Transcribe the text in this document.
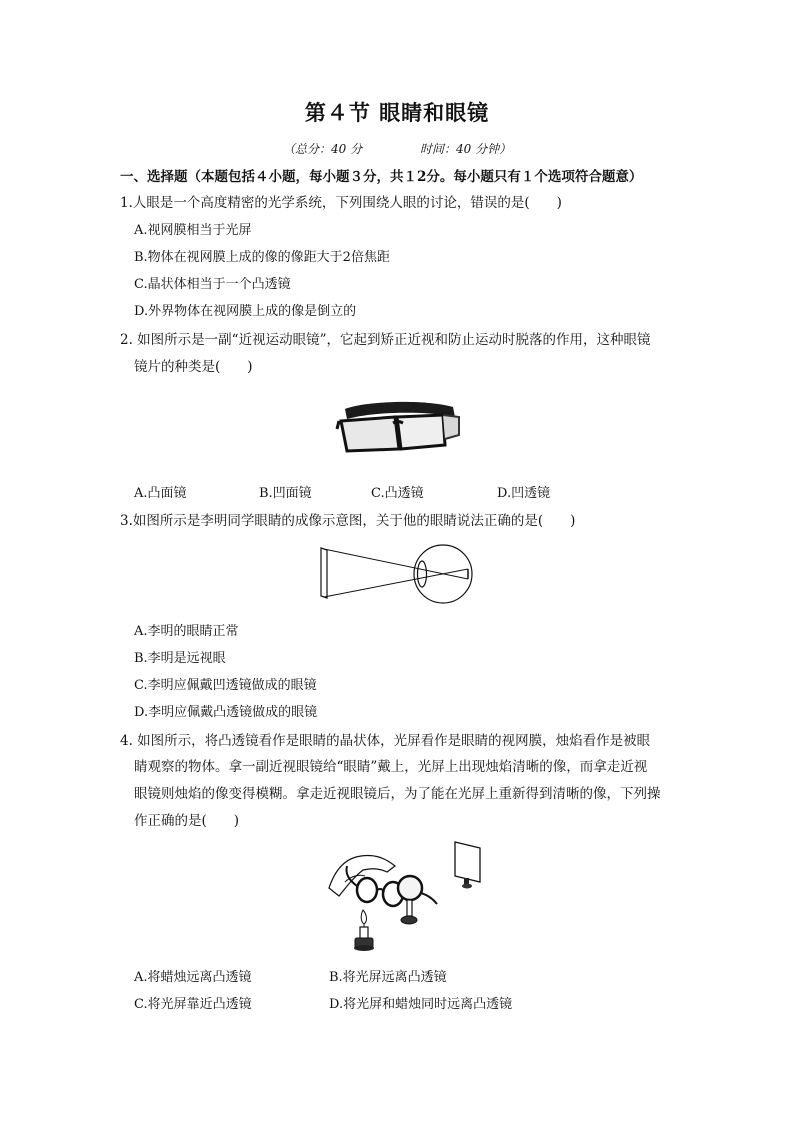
第４节 眼睛和眼镜
（总分：40 分	时间：40 分钟）
一、选择题（本题包括４小题，每小题３分，共１2分。每小题只有１个选项符合题意）
1.人眼是一个高度精密的光学系统，下列围绕人眼的讨论，错误的是(　　)
A.视网膜相当于光屏
B.物体在视网膜上成的像的像距大于2倍焦距
C.晶状体相当于一个凸透镜
D.外界物体在视网膜上成的像是倒立的
2. 如图所示是一副“近视运动眼镜”，它起到矫正近视和防止运动时脱落的作用，这种眼镜
镜片的种类是(　　)
A.凸面镜	B.凹面镜	C.凸透镜	D.凹透镜
3.如图所示是李明同学眼睛的成像示意图，关于他的眼睛说法正确的是(　　)
A.李明的眼睛正常
B.李明是远视眼
C.李明应佩戴凹透镜做成的眼镜
D.李明应佩戴凸透镜做成的眼镜
4. 如图所示，将凸透镜看作是眼睛的晶状体，光屏看作是眼睛的视网膜，烛焰看作是被眼
睛观察的物体。拿一副近视眼镜给“眼睛”戴上，光屏上出现烛焰清晰的像，而拿走近视
眼镜则烛焰的像变得模糊。拿走近视眼镜后，为了能在光屏上重新得到清晰的像，下列操
作正确的是(　　)
A.将蜡烛远离凸透镜	B.将光屏远离凸透镜
C.将光屏靠近凸透镜	D.将光屏和蜡烛同时远离凸透镜
